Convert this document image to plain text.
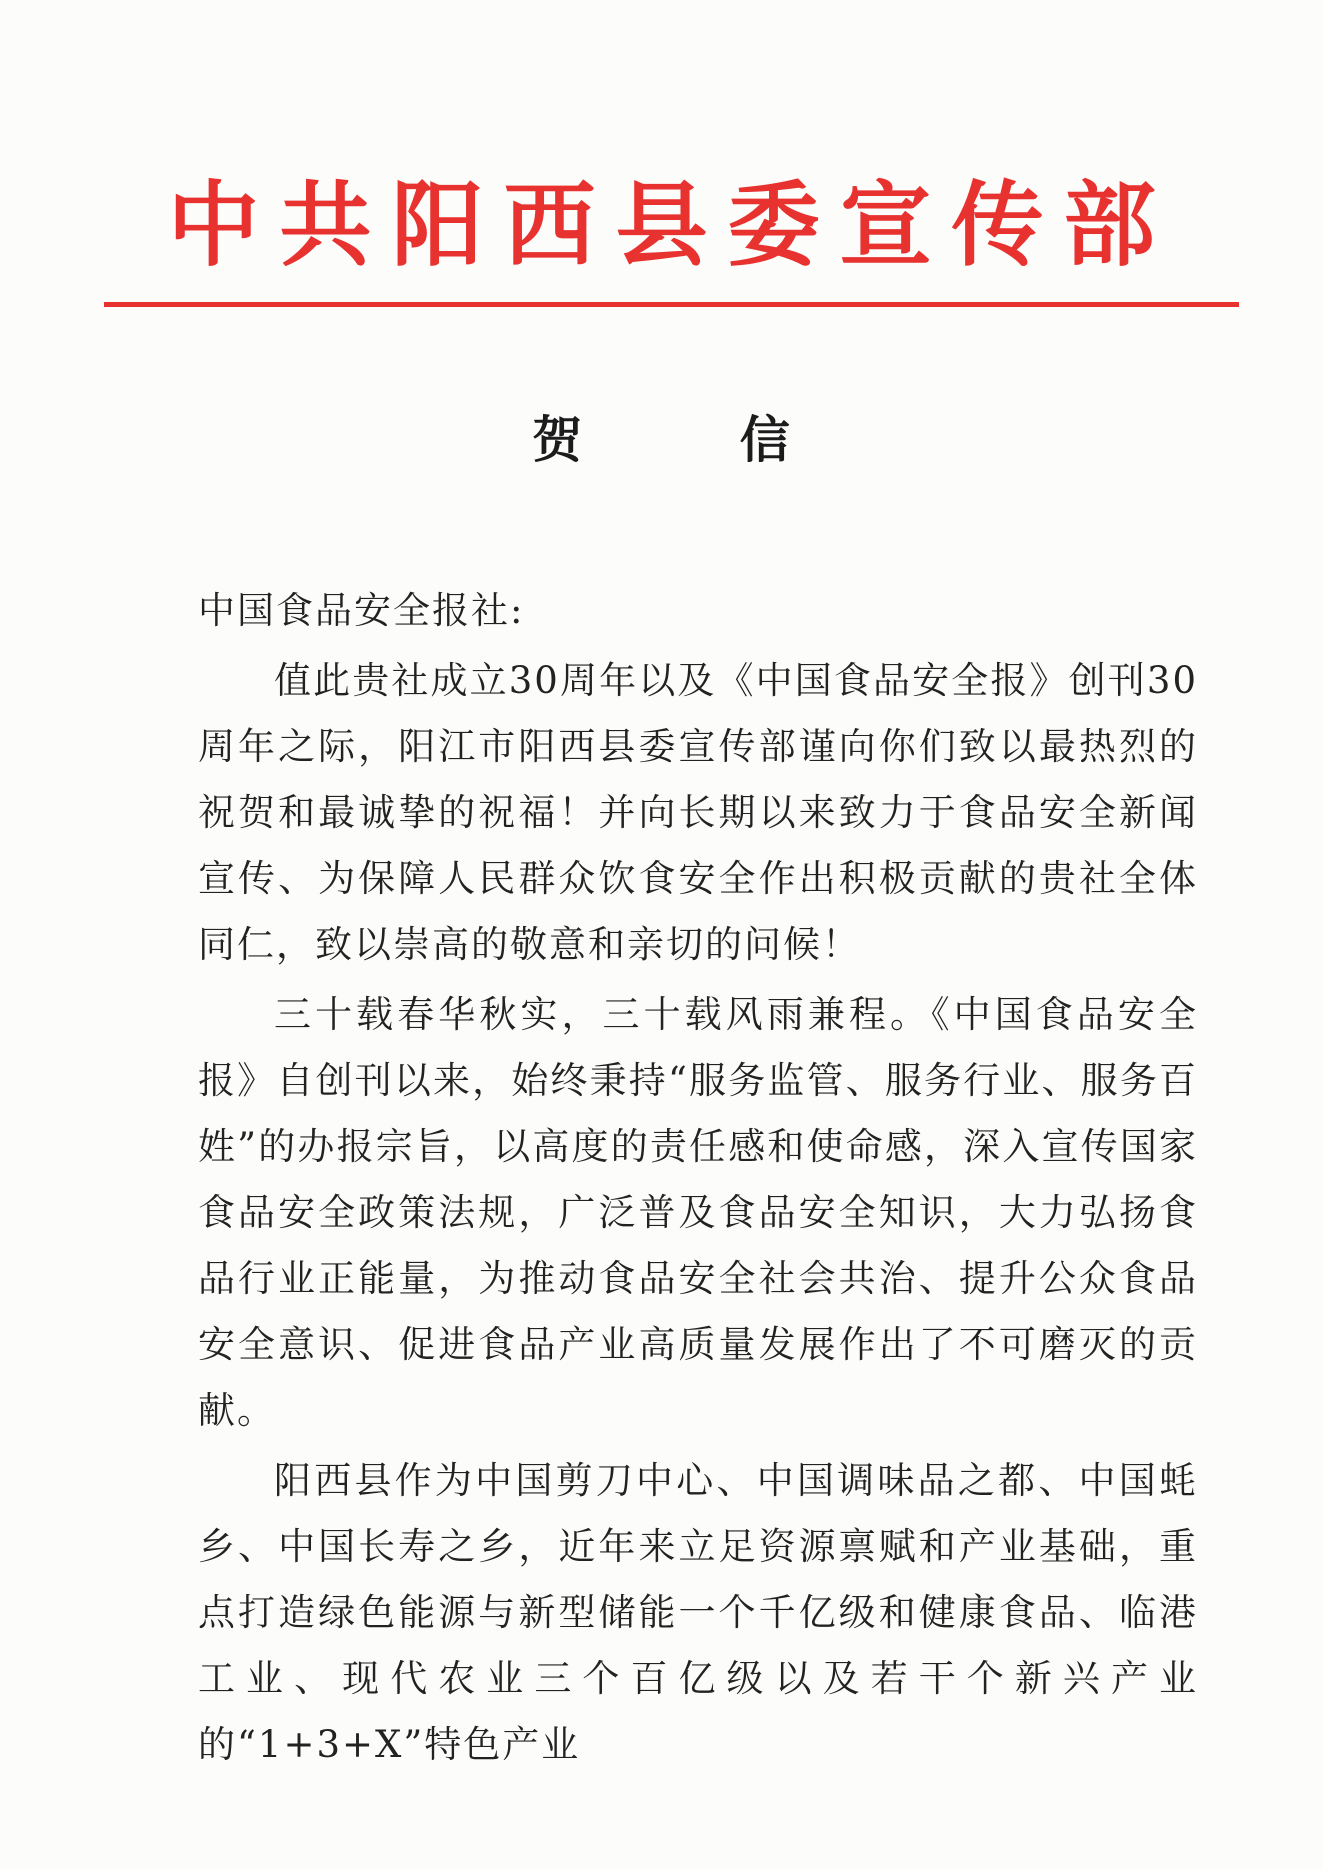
中共阳西县委宣传部
贺 信

中国食品安全报社:

值此贵社成立30周年以及《中国食品安全报》创刊30周年之际，阳江市阳西县委宣传部谨向你们致以最热烈的祝贺和最诚挚的祝福！并向长期以来致力于食品安全新闻宣传、为保障人民群众饮食安全作出积极贡献的贵社全体同仁，致以崇高的敬意和亲切的问候！

三十载春华秋实，三十载风雨兼程。《中国食品安全报》自创刊以来，始终秉持“服务监管、服务行业、服务百姓”的办报宗旨，以高度的责任感和使命感，深入宣传国家食品安全政策法规，广泛普及食品安全知识，大力弘扬食品行业正能量，为推动食品安全社会共治、提升公众食品安全意识、促进食品产业高质量发展作出了不可磨灭的贡献。

阳西县作为中国剪刀中心、中国调味品之都、中国蚝乡、中国长寿之乡，近年来立足资源禀赋和产业基础，重点打造绿色能源与新型储能一个千亿级和健康食品、临港工业、现代农业三个百亿级以及若干个新兴产业的“1+3+X”特色产业
